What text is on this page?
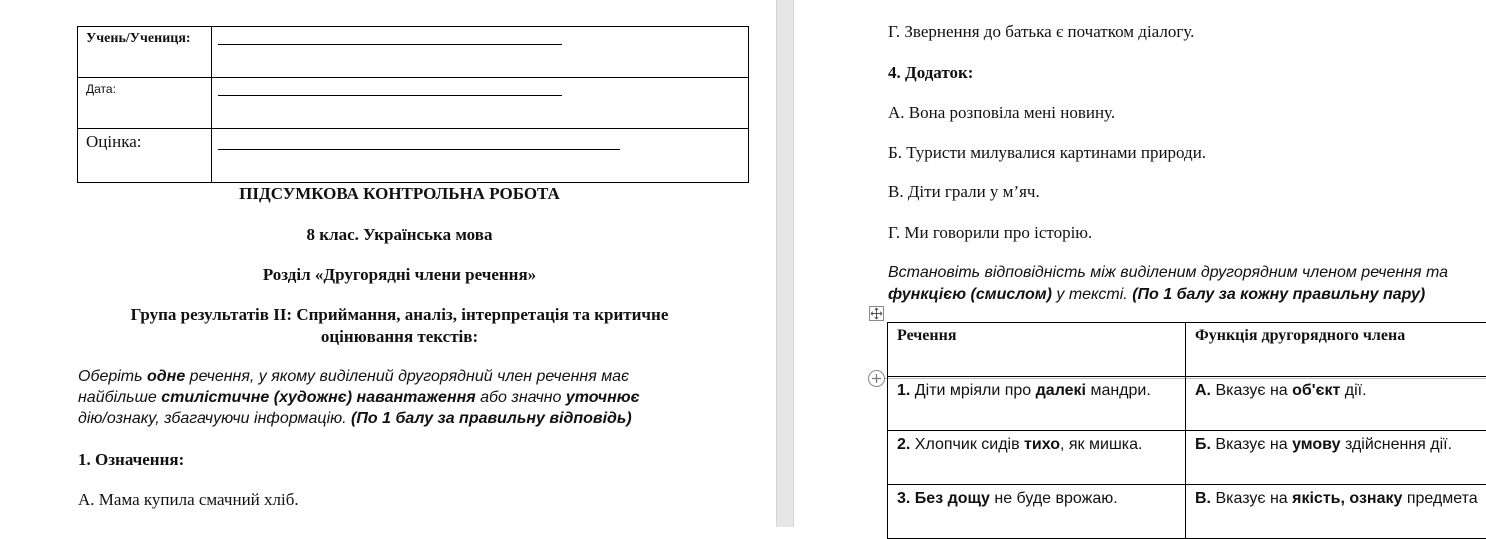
Учень/Учениця:	

Дата:	

Оцінка:	

ПІДСУМКОВА КОНТРОЛЬНА РОБОТА
8 клас. Українська мова
Розділ «Другорядні члени речення»
Група результатів ІІ: Сприймання, аналіз, інтерпретація та критичне
оцінювання текстів:
Оберіть одне речення, у якому виділений другорядний член речення має
найбільше стилістичне (художнє) навантаження або значно уточнює
дію/ознаку, збагачуючи інформацію. (По 1 балу за правильну відповідь)
1. Означення:
А. Мама купила смачний хліб.
Г. Звернення до батька є початком діалогу.
4. Додаток:
А. Вона розповіла мені новину.
Б. Туристи милувалися картинами природи.
В. Діти грали у м’яч.
Г. Ми говорили про історію.
Встановіть відповідність між виділеним другорядним членом речення та
функцією (смислом) у тексті. (По 1 балу за кожну правильну пару)
Речення	Функція другорядного члена

1. Діти мріяли про далекі мандри.	А. Вказує на об'єкт дії.

2. Хлопчик сидів тихо, як мишка.	Б. Вказує на умову здійснення дії.

3. Без дощу не буде врожаю.	В. Вказує на якість, ознаку предмета
